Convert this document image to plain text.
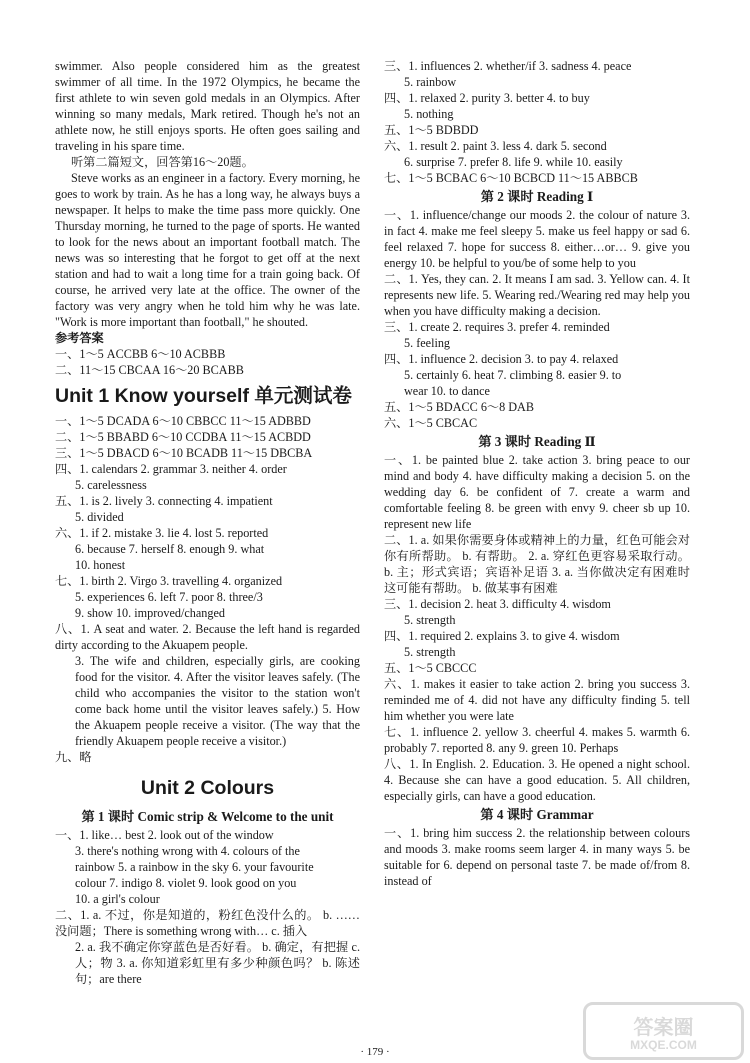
swimmer. Also people considered him as the greatest swimmer of all time. In the 1972 Olympics, he became the first athlete to win seven gold medals in an Olympics. After winning so many medals, Mark retired. Though he's not an athlete now, he still enjoys sports. He often goes sailing and traveling in his spare time.

听第二篇短文，回答第16～20题。

Steve works as an engineer in a factory. Every morning, he goes to work by train. As he has a long way, he always buys a newspaper. It helps to make the time pass more quickly. One Thursday morning, he turned to the page of sports. He wanted to look for the news about an important football match. The news was so interesting that he forgot to get off at the next station and had to wait a long time for a train going back. Of course, he arrived very late at the office. The owner of the factory was very angry when he told him why he was late. "Work is more important than football," he shouted.

参考答案

一、1～5 ACCBB 6～10 ACBBB

二、11～15 CBCAA 16～20 BCABB

Unit 1 Know yourself 单元测试卷

一、1～5 DCADA 6～10 CBBCC 11～15 ADBBD

二、1～5 BBABD 6～10 CCDBA 11～15 ACBDD

三、1～5 DBACD 6～10 BCADB 11～15 DBCBA

四、1. calendars 2. grammar 3. neither 4. order

5. carelessness

五、1. is 2. lively 3. connecting 4. impatient

5. divided

六、1. if 2. mistake 3. lie 4. lost 5. reported

6. because 7. herself 8. enough 9. what

10. honest

七、1. birth 2. Virgo 3. travelling 4. organized

5. experiences 6. left 7. poor 8. three/3

9. show 10. improved/changed

八、1. A seat and water. 2. Because the left hand is regarded dirty according to the Akuapem people.

3. The wife and children, especially girls, are cooking food for the visitor. 4. After the visitor leaves safely. (The child who accompanies the visitor to the station won't come back home until the visitor leaves safely.) 5. How the Akuapem people receive a visitor. (The way that the friendly Akuapem people receive a visitor.)

九、略

Unit 2 Colours
第 1 课时 Comic strip & Welcome to the unit

一、1. like… best 2. look out of the window

3. there's nothing wrong with 4. colours of the

rainbow 5. a rainbow in the sky 6. your favourite

colour 7. indigo 8. violet 9. look good on you

10. a girl's colour

二、1. a. 不过，你是知道的，粉红色没什么的。 b. ……没问题；There is something wrong with… c. 插入

2. a. 我不确定你穿蓝色是否好看。 b. 确定，有把握 c. 人；物 3. a. 你知道彩虹里有多少种颜色吗？ b. 陈述句；are there

三、1. influences 2. whether/if 3. sadness 4. peace

5. rainbow

四、1. relaxed 2. purity 3. better 4. to buy

5. nothing

五、1～5 BDBDD

六、1. result 2. paint 3. less 4. dark 5. second

6. surprise 7. prefer 8. life 9. while 10. easily

七、1～5 BCBAC 6～10 BCBCD 11～15 ABBCB

第 2 课时 Reading Ⅰ

一、1. influence/change our moods 2. the colour of nature 3. in fact 4. make me feel sleepy 5. make us feel happy or sad 6. feel relaxed 7. hope for success 8. either…or… 9. give you energy 10. be helpful to you/be of some help to you

二、1. Yes, they can. 2. It means I am sad. 3. Yellow can. 4. It represents new life. 5. Wearing red./Wearing red may help you when you have difficulty making a decision.

三、1. create 2. requires 3. prefer 4. reminded

5. feeling

四、1. influence 2. decision 3. to pay 4. relaxed

5. certainly 6. heat 7. climbing 8. easier 9. to

wear 10. to dance

五、1～5 BDACC 6～8 DAB

六、1～5 CBCAC

第 3 课时 Reading Ⅱ

一、1. be painted blue 2. take action 3. bring peace to our mind and body 4. have difficulty making a decision 5. on the wedding day 6. be confident of 7. create a warm and comfortable feeling 8. be green with envy 9. cheer sb up 10. represent new life

二、1. a. 如果你需要身体或精神上的力量，红色可能会对你有所帮助。 b. 有帮助。 2. a. 穿红色更容易采取行动。 b. 主；形式宾语；宾语补足语 3. a. 当你做决定有困难时这可能有帮助。 b. 做某事有困难

三、1. decision 2. heat 3. difficulty 4. wisdom

5. strength

四、1. required 2. explains 3. to give 4. wisdom

5. strength

五、1～5 CBCCC

六、1. makes it easier to take action 2. bring you success 3. reminded me of 4. did not have any difficulty finding 5. tell him whether you were late

七、1. influence 2. yellow 3. cheerful 4. makes 5. warmth 6. probably 7. reported 8. any 9. green 10. Perhaps

八、1. In English. 2. Education. 3. He opened a night school. 4. Because she can have a good education. 5. All children, especially girls, can have a good education.

第 4 课时 Grammar

一、1. bring him success 2. the relationship between colours and moods 3. make rooms seem larger 4. in many ways 5. be suitable for 6. depend on personal taste 7. be made of/from 8. instead of

· 179 ·
答案圈
MXQE.COM
